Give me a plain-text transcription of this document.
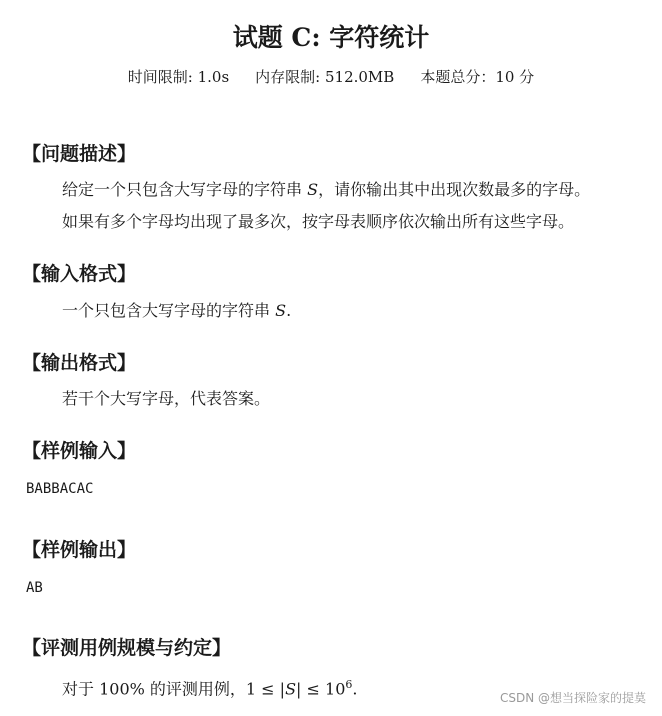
试题 C: 字符统计
时间限制: 1.0s 内存限制: 512.0MB 本题总分：10 分
【问题描述】
给定一个只包含大写字母的字符串 S，请你输出其中出现次数最多的字母。
如果有多个字母均出现了最多次，按字母表顺序依次输出所有这些字母。
【输入格式】
一个只包含大写字母的字符串 S.
【输出格式】
若干个大写字母，代表答案。
【样例输入】
BABBACAC
【样例输出】
AB
【评测用例规模与约定】
对于 100% 的评测用例，$1 \le |S| \le 10^6$.	CSDN @想当探险家的提莫
